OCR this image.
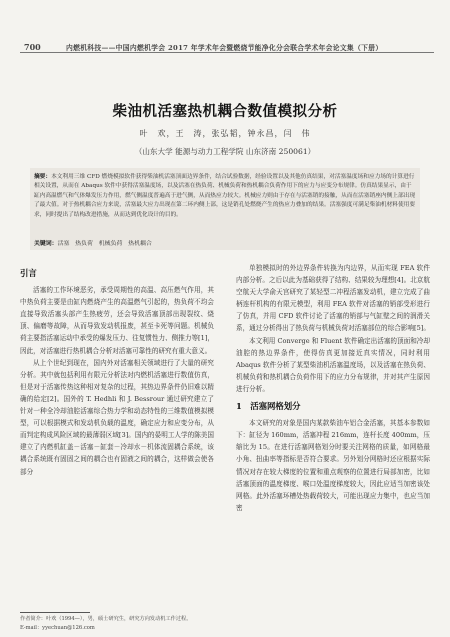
700	内燃机科技——中国内燃机学会 2017 年学术年会暨燃烧节能净化分会联合学术年会论文集（下册）
柴油机活塞热机耦合数值模拟分析
叶　欢，王　涛，张弘韬，钟永昌，闫　伟
（山东大学 能源与动力工程学院 山东济南 250061）
摘要：本文利用三维 CFD 燃烧模拟软件获得柴油机活塞顶面边界条件，结合试验数据，经验设置以及其他仿真结果，对活塞温度场和应力场的计算进行相关设置，从而在 Abaqus 软件中获得活塞温度场，以及活塞在热负荷、机械负荷和热机耦合负荷作用下的应力与应变分布规律。仿真结果显示，由于缸内高温燃气和气体爆发压力作用，燃气侧温度普遍高于进气侧，从而热应力较大。机械应力则由于存在与活塞销的接触，从而在活塞销座内侧上部出现了最大值。对于热机耦合应力来说，活塞最大应力出现在第二环内侧上部，这是销孔处燃烧产生的热应力叠加的结果。活塞强度可满足柴油机材料使用要求，同时提出了结构改进措施，从而达到优化设计的目的。
关键词：活塞　热负荷　机械负荷　热机耦合
引言

活塞的工作环境恶劣，承受周期性的高温、高压燃气作用，其中热负荷主要是由缸内燃烧产生的高温燃气引起的，热负荷不均会直接导致活塞头部产生热疲劳，还会导致活塞顶部出现裂纹、烧顶、偏磨等故障，从而导致发动机报废，甚至卡死等问题。机械负荷主要指活塞运动中承受的爆发压力、往复惯性力、侧推力等[1]，因此，对活塞进行热机耦合分析对活塞可靠性的研究有重大意义。

从上个世纪到现在，国内外对活塞相关领域进行了大量的研究分析。其中就包括利用有限元分析法对内燃机活塞进行数值仿真，但是对于活塞传热这种相对复杂的过程，其热边界条件仍旧难以精确的给定[2]。国外的 T. Hedhli 和 J. Bessrour 通过研究建立了针对一种全冷却油腔活塞综合热力学和动态特性的三维数值模拟模型，可以根据模式和发动机负载的温度，确定应力和应变分布，从而判定构成风险区域的最薄弱区域[3]。国内的晏明工人学的陈美国建立了内燃机缸盖－活塞－缸套－冷却水－机体流固耦合系统，该耦合系统既有固固之间的耦合也有固液之间的耦合，这样做会使各部分

单独模拟时的外边界条件转换为内边界，从而实现 FEA 软件内部分析。之后以此为基础获得了结构、结果较为理想[4]。北京航空航天大学俞天宫研究了某轻型二冲程活塞发动机，建立完成了曲柄连杆机构的有限元模型，利用 FEA 软件对活塞的销部受形进行了仿真，并用 CFD 软件讨论了活塞的销部与气缸壁之间的润滑关系，通过分析得出了热负荷与机械负荷对活塞部位的综合影响[5]。

本文利用 Converge 和 Fluent 软件确定出活塞的顶面和冷却油腔的热边界条件，使得仿真更加接近真实情况，同时利用 Abaqus 软件分析了某型柴油机活塞温度场，以及活塞在热负荷、机械负荷和热机耦合负荷作用下的应力分布规律，并对其产生原因进行分析。

1　活塞网格划分

本文研究的对象是国内某款柴油车铝合金活塞，其基本参数如下：缸径为 160mm，活塞冲程 216mm，连杆长度 400mm，压缩比为 15。在进行活塞网格划分时要关注网格的质量，如网格最小角、扭曲率等指标是否符合要求。另外划分网格时还应根据实际情况对存在较大梯度的位置和重点观察的位置进行局部加密，比如活塞顶面的温度梯度、喉口处温度梯度较大，因此应适当加密该处网格。此外活塞环槽处热载荷较大，可能出现应力集中，也应当加密

作者简介：叶欢（1994—），男，硕士研究生，研究方向发动机工作过程。
E-mail：yyechuan@126.com
